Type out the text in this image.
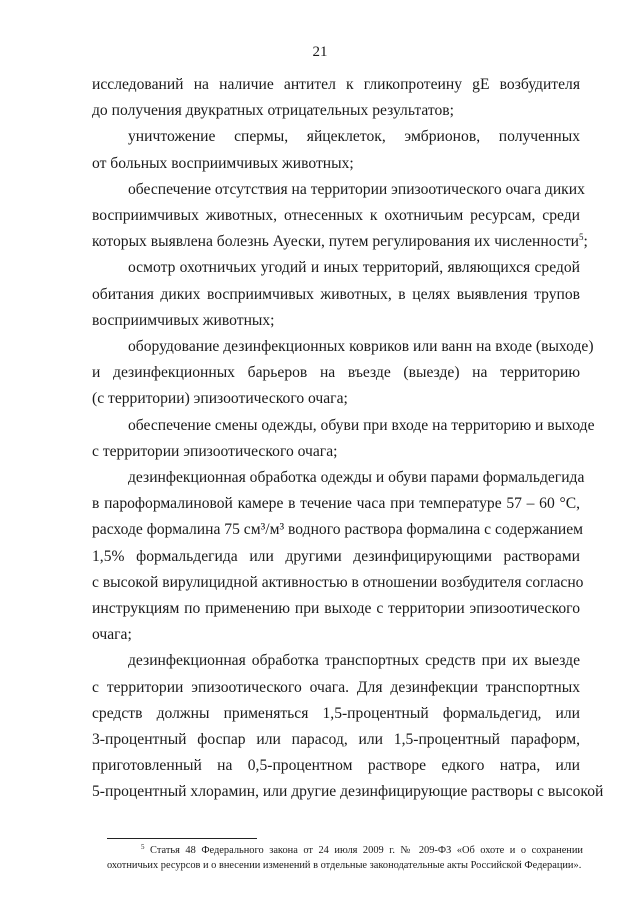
21

исследований на наличие антител к гликопротеину gE возбудителя
до получения двукратных отрицательных результатов;

уничтожение спермы, яйцеклеток, эмбрионов, полученных
от больных восприимчивых животных;

обеспечение отсутствия на территории эпизоотического очага диких
восприимчивых животных, отнесенных к охотничьим ресурсам, среди
которых выявлена болезнь Ауески, путем регулирования их численности$^5$;

осмотр охотничьих угодий и иных территорий, являющихся средой
обитания диких восприимчивых животных, в целях выявления трупов
восприимчивых животных;

оборудование дезинфекционных ковриков или ванн на входе (выходе)
и дезинфекционных барьеров на въезде (выезде) на территорию
(с территории) эпизоотического очага;

обеспечение смены одежды, обуви при входе на территорию и выходе
с территории эпизоотического очага;

дезинфекционная обработка одежды и обуви парами формальдегида
в пароформалиновой камере в течение часа при температуре 57 – 60 °С,
расходе формалина 75 см³/м³ водного раствора формалина с содержанием
1,5% формальдегида или другими дезинфицирующими растворами
с высокой вирулицидной активностью в отношении возбудителя согласно
инструкциям по применению при выходе с территории эпизоотического
очага;

дезинфекционная обработка транспортных средств при их выезде
с территории эпизоотического очага. Для дезинфекции транспортных
средств должны применяться 1,5-процентный формальдегид, или
3-процентный фоспар или парасод, или 1,5-процентный параформ,
приготовленный на 0,5-процентном растворе едкого натра, или
5-процентный хлорамин, или другие дезинфицирующие растворы с высокой

$^5$ Статья 48 Федерального закона от 24 июля 2009 г. № 209-ФЗ «Об охоте и о сохранении
охотничьих ресурсов и о внесении изменений в отдельные законодательные акты Российской Федерации».
